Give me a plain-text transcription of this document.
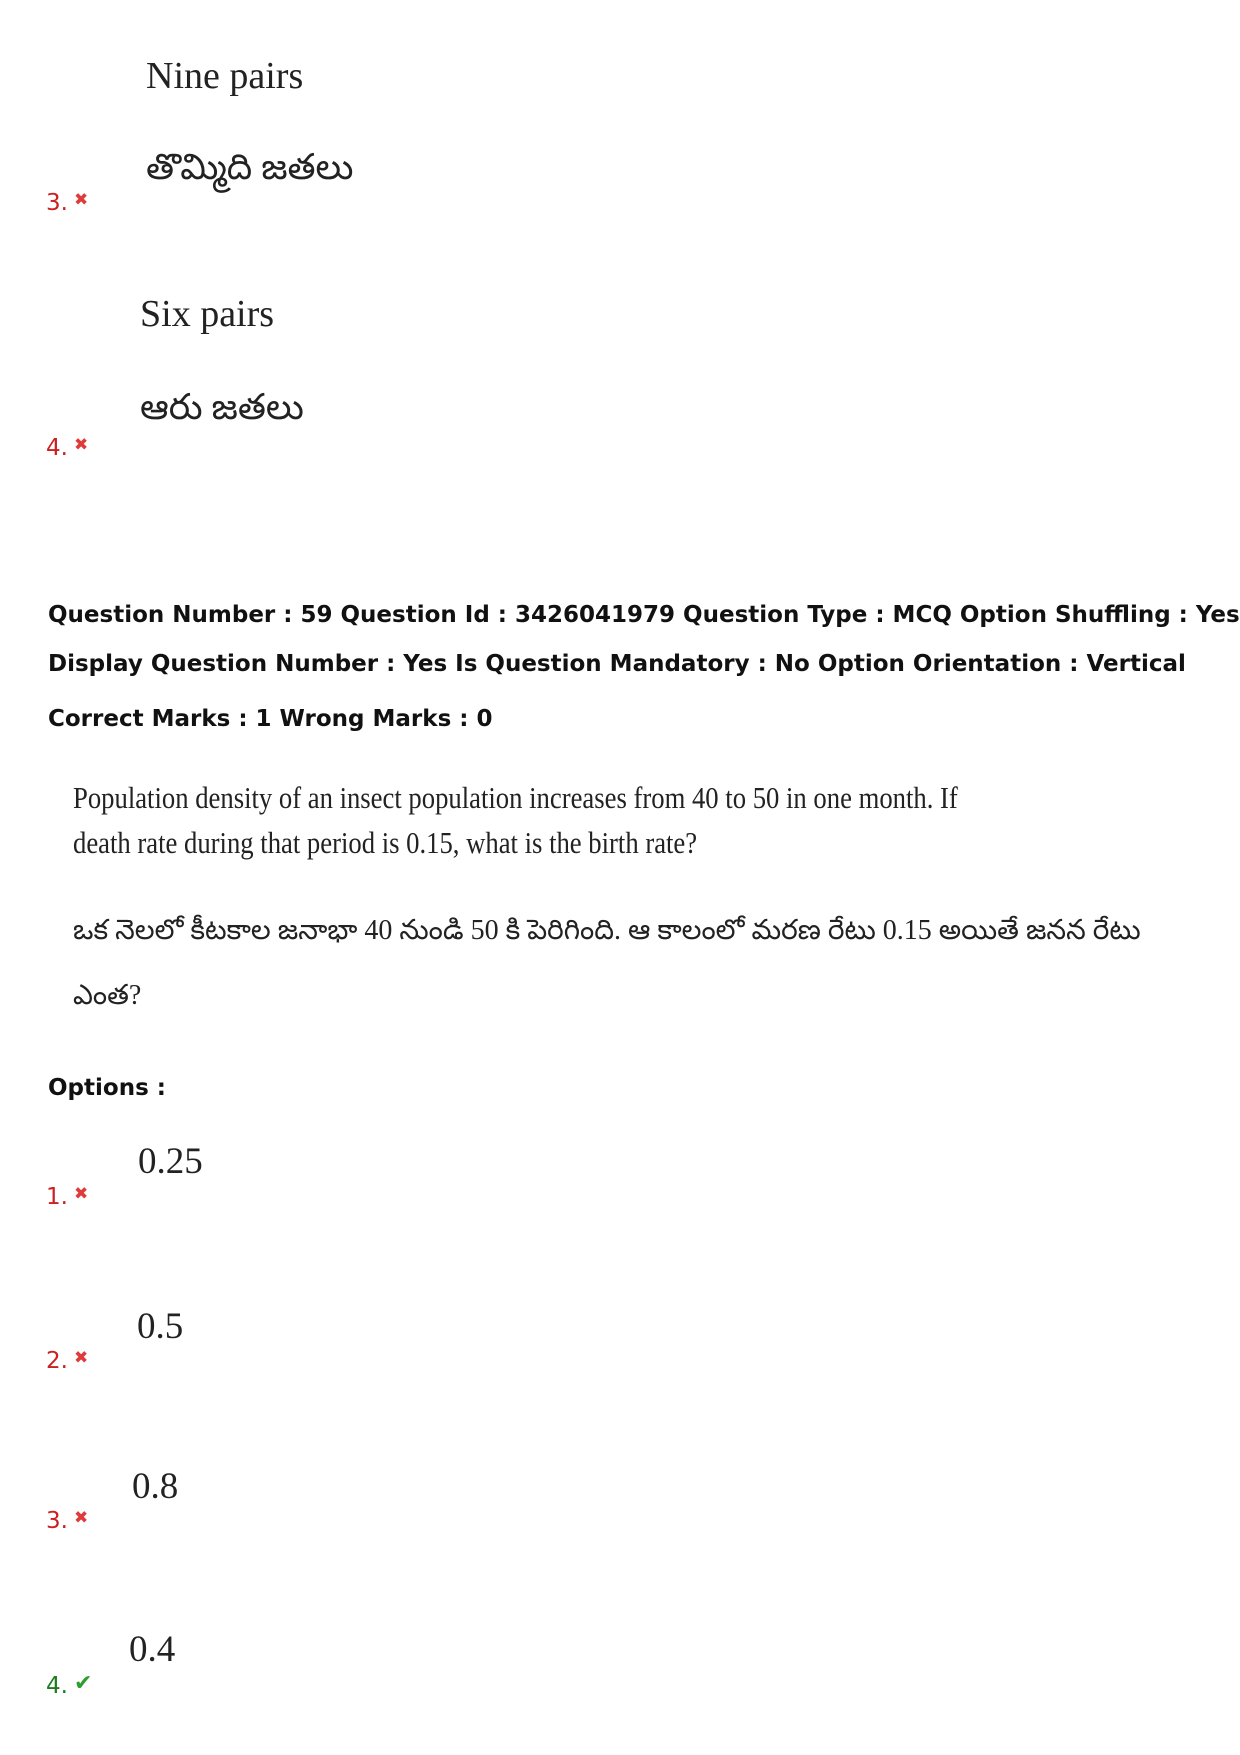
Nine pairs
తొమ్మిది జతలు
3. ✖
Six pairs
ఆరు జతలు
4. ✖
Question Number : 59 Question Id : 3426041979 Question Type : MCQ Option Shuffling : Yes
Display Question Number : Yes Is Question Mandatory : No Option Orientation : Vertical
Correct Marks : 1 Wrong Marks : 0
Population density of an insect population increases from 40 to 50 in one month. If
death rate during that period is 0.15, what is the birth rate?
ఒక నెలలో కీటకాల జనాభా 40 నుండి 50 కి పెరిగింది. ఆ కాలంలో మరణ రేటు 0.15 అయితే జనన రేటు
ఎంత?
Options :
0.25
1. ✖
0.5
2. ✖
0.8
3. ✖
0.4
4. ✔
